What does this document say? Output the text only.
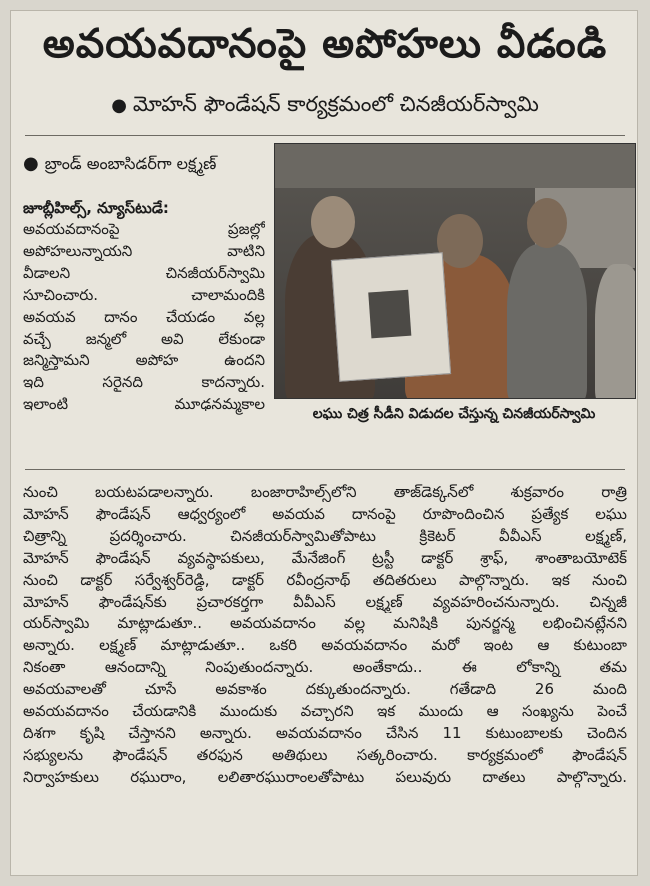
అవయవదానంపై అపోహలు వీడండి
● మోహన్ ఫౌండేషన్ కార్యక్రమంలో చినజీయర్‌స్వామి
● బ్రాండ్ అంబాసిడర్‌గా లక్ష్మణ్
లఘు చిత్ర సీడీని విడుదల చేస్తున్న చినజీయర్‌స్వామి
జూబ్లీహిల్స్, న్యూస్‌టుడే:
అవయవదానంపై ప్రజల్లో
అపోహలున్నాయని వాటిని
వీడాలని చినజీయర్‌స్వామి
సూచించారు. చాలామందికి
అవయవ దానం చేయడం వల్ల
వచ్చే జన్మలో అవి లేకుండా
జన్మిస్తామని అపోహ ఉందని
ఇది సరైనది కాదన్నారు.
ఇలాంటి మూఢనమ్మకాల
నుంచి బయటపడాలన్నారు. బంజారాహిల్స్‌లోని తాజ్‌డెక్కన్‌లో శుక్రవారం రాత్రి
మోహన్ ఫౌండేషన్ ఆధ్వర్యంలో అవయవ దానంపై రూపొందించిన ప్రత్యేక లఘు
చిత్రాన్ని ప్రదర్శించారు. చినజీయర్‌స్వామితోపాటు క్రికెటర్ వీవీఎస్ లక్ష్మణ్,
మోహన్ ఫౌండేషన్ వ్యవస్థాపకులు, మేనేజింగ్ ట్రస్టీ డాక్టర్ శ్రాఫ్, శాంతాబయోటెక్
నుంచి డాక్టర్ సర్వేశ్వర్‌రెడ్డి, డాక్టర్ రవీంద్రనాథ్ తదితరులు పాల్గొన్నారు. ఇక నుంచి
మోహన్ ఫౌండేషన్‌కు ప్రచారకర్తగా వీవీఎస్ లక్ష్మణ్ వ్యవహరించనున్నారు. చిన్నజీ
యర్‌స్వామి మాట్లాడుతూ.. అవయవదానం వల్ల మనిషికి పునర్జన్మ లభించినట్లేనని
అన్నారు. లక్ష్మణ్ మాట్లాడుతూ.. ఒకరి అవయవదానం మరో ఇంట ఆ కుటుంబా
నికంతా ఆనందాన్ని నింపుతుందన్నారు. అంతేకాదు.. ఈ లోకాన్ని తమ
అవయవాలతో చూసే అవకాశం దక్కుతుందన్నారు. గతేడాది 26 మంది
అవయవదానం చేయడానికి ముందుకు వచ్చారని ఇక ముందు ఆ సంఖ్యను పెంచే
దిశగా కృషి చేస్తానని అన్నారు. అవయవదానం చేసిన 11 కుటుంబాలకు చెందిన
సభ్యులను ఫౌండేషన్ తరఫున అతిథులు సత్కరించారు. కార్యక్రమంలో ఫౌండేషన్
నిర్వాహకులు రఘురాం, లలితారఘురాంలతోపాటు పలువురు దాతలు పాల్గొన్నారు.
